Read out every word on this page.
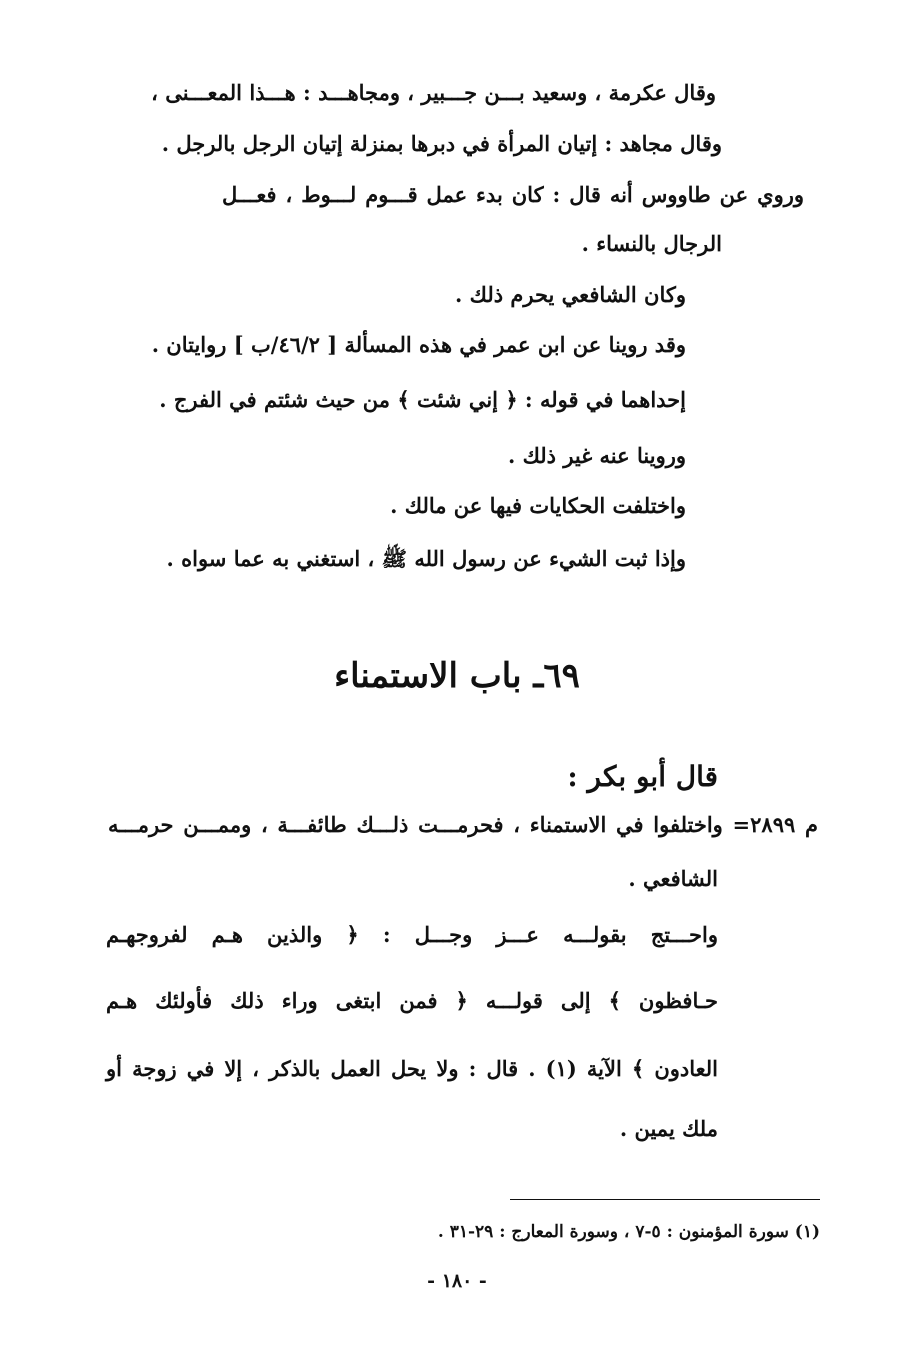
وقال عكرمة ، وسعيد بـــن جـــبير ، ومجاهـــد : هـــذا المعـــنى ،
وقال مجاهد : إتيان المرأة في دبرها بمنزلة إتيان الرجل بالرجل .
وروي عن طاووس أنه قال : كان بدء عمل قـــوم لـــوط ، فعـــل
الرجال بالنساء .
وكان الشافعي يحرم ذلك .
وقد روينا عن ابن عمر في هذه المسألة [ ٤٦/٢/ب ] روايتان .
إحداهما في قوله : ﴿ إني شئت ﴾ من حيث شئتم في الفرج .
وروينا عنه غير ذلك .
واختلفت الحكايات فيها عن مالك .
وإذا ثبت الشيء عن رسول الله ﷺ ، استغني به عما سواه .
٦٩ـ باب الاستمناء
قال أبو بكر :
م ٢٨٩٩= واختلفوا في الاستمناء ، فحرمـــت ذلـــك طائفـــة ، وممـــن حرمـــه
الشافعي .
واحـــتج بقولـــه عـــز وجـــل : ﴿ والذين هـم لفروجهـم
حـافظون ﴾ إلى قولـــه ﴿ فمن ابتغى وراء ذلك فأولئك هـم
العادون ﴾ الآية (١) . قال : ولا يحل العمل بالذكر ، إلا في زوجة أو
ملك يمين .
(١) سورة المؤمنون : ٥-٧ ، وسورة المعارج : ٢٩-٣١ .
- ١٨٠ -
